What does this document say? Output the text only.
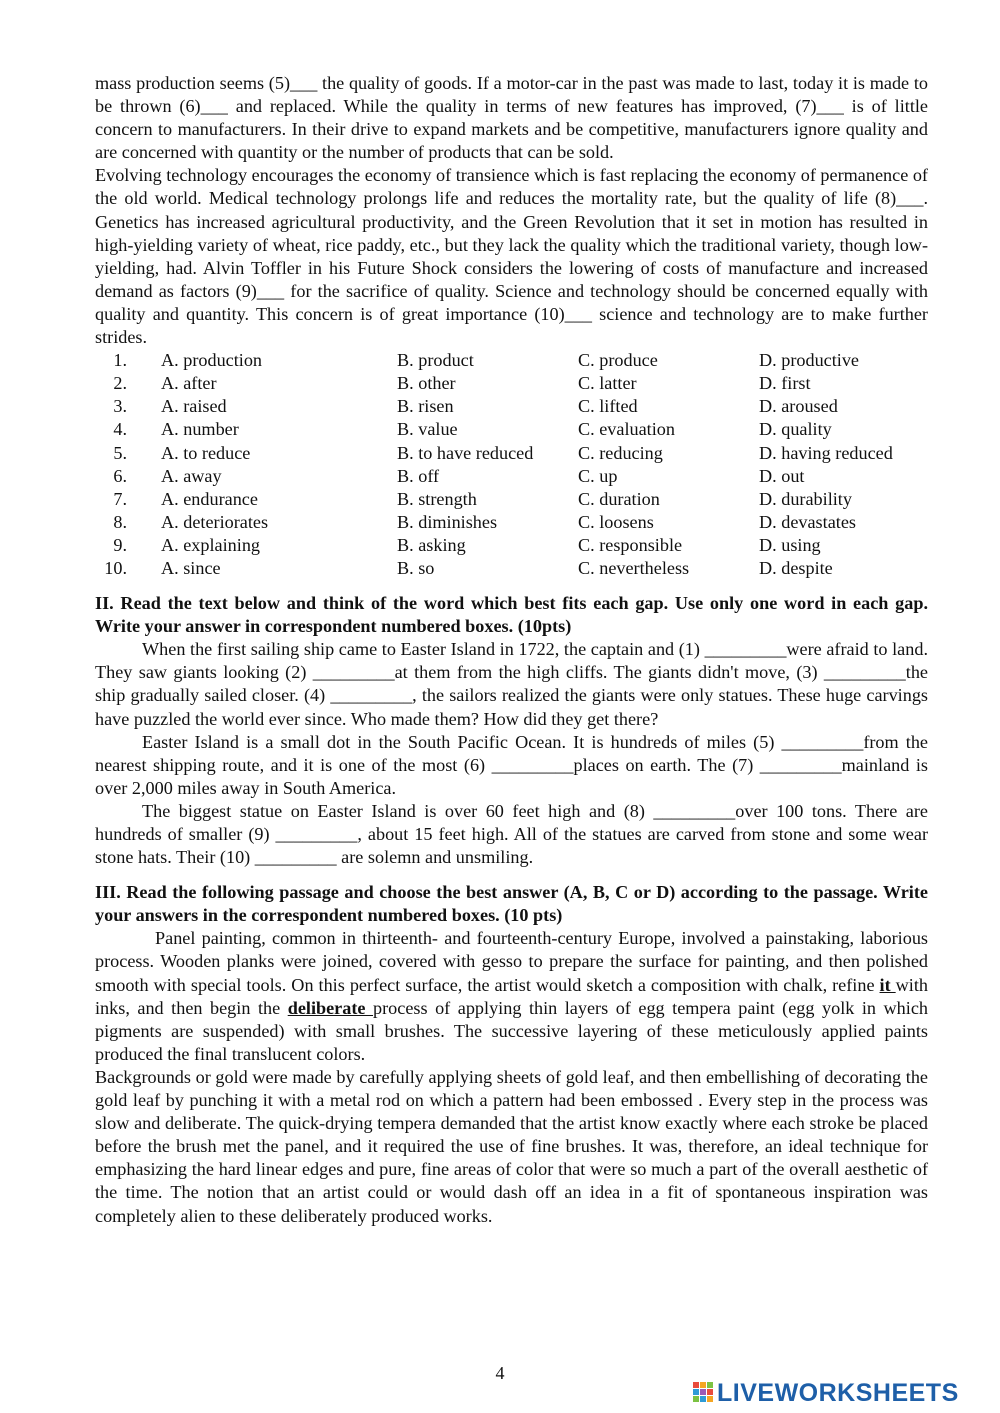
mass production seems (5)___ the quality of goods. If a motor-car in the past was made to last, today it is made to be thrown (6)___ and replaced. While the quality in terms of new features has improved, (7)___ is of little concern to manufacturers. In their drive to expand markets and be competitive, manufacturers ignore quality and are concerned with quantity or the number of products that can be sold.

Evolving technology encourages the economy of transience which is fast replacing the economy of permanence of the old world. Medical technology prolongs life and reduces the mortality rate, but the quality of life (8)___. Genetics has increased agricultural productivity, and the Green Revolution that it set in motion has resulted in high-yielding variety of wheat, rice paddy, etc., but they lack the quality which the traditional variety, though low-yielding, had. Alvin Toffler in his Future Shock considers the lowering of costs of manufacture and increased demand as factors (9)___ for the sacrifice of quality. Science and technology should be concerned equally with quality and quantity. This concern is of great importance (10)___ science and technology are to make further strides.

1.	A. production	B. product	C. produce	D. productive
2.	A. after	B. other	C. latter	D. first
3.	A. raised	B. risen	C. lifted	D. aroused
4.	A. number	B. value	C. evaluation	D. quality
5.	A. to reduce	B. to have reduced	C. reducing	D. having reduced
6.	A. away	B. off	C. up	D. out
7.	A. endurance	B. strength	C. duration	D. durability
8.	A. deteriorates	B. diminishes	C. loosens	D. devastates
9.	A. explaining	B. asking	C. responsible	D. using
10.	A. since	B. so	C. nevertheless	D. despite

II. Read the text below and think of the word which best fits each gap. Use only one word in each gap. Write your answer in correspondent numbered boxes. (10pts)

When the first sailing ship came to Easter Island in 1722, the captain and (1) _________were afraid to land. They saw giants looking (2) _________at them from the high cliffs. The giants didn't move, (3) _________the ship gradually sailed closer. (4) _________, the sailors realized the giants were only statues. These huge carvings have puzzled the world ever since. Who made them? How did they get there?

Easter Island is a small dot in the South Pacific Ocean. It is hundreds of miles (5) _________from the nearest shipping route, and it is one of the most (6) _________places on earth. The (7) _________mainland is over 2,000 miles away in South America.

The biggest statue on Easter Island is over 60 feet high and (8) _________over 100 tons. There are hundreds of smaller (9) _________, about 15 feet high. All of the statues are carved from stone and some wear stone hats. Their (10) _________ are solemn and unsmiling.

III. Read the following passage and choose the best answer (A, B, C or D) according to the passage. Write your answers in the correspondent numbered boxes. (10 pts)

Panel painting, common in thirteenth- and fourteenth-century Europe, involved a painstaking, laborious process. Wooden planks were joined, covered with gesso to prepare the surface for painting, and then polished smooth with special tools. On this perfect surface, the artist would sketch a composition with chalk, refine it with inks, and then begin the deliberate process of applying thin layers of egg tempera paint (egg yolk in which pigments are suspended) with small brushes. The successive layering of these meticulously applied paints produced the final translucent colors.

Backgrounds or gold were made by carefully applying sheets of gold leaf, and then embellishing of decorating the gold leaf by punching it with a metal rod on which a pattern had been embossed . Every step in the process was slow and deliberate. The quick-drying tempera demanded that the artist know exactly where each stroke be placed before the brush met the panel, and it required the use of fine brushes. It was, therefore, an ideal technique for emphasizing the hard linear edges and pure, fine areas of color that were so much a part of the overall aesthetic of the time. The notion that an artist could or would dash off an idea in a fit of spontaneous inspiration was completely alien to these deliberately produced works.

4
LIVEWORKSHEETS
